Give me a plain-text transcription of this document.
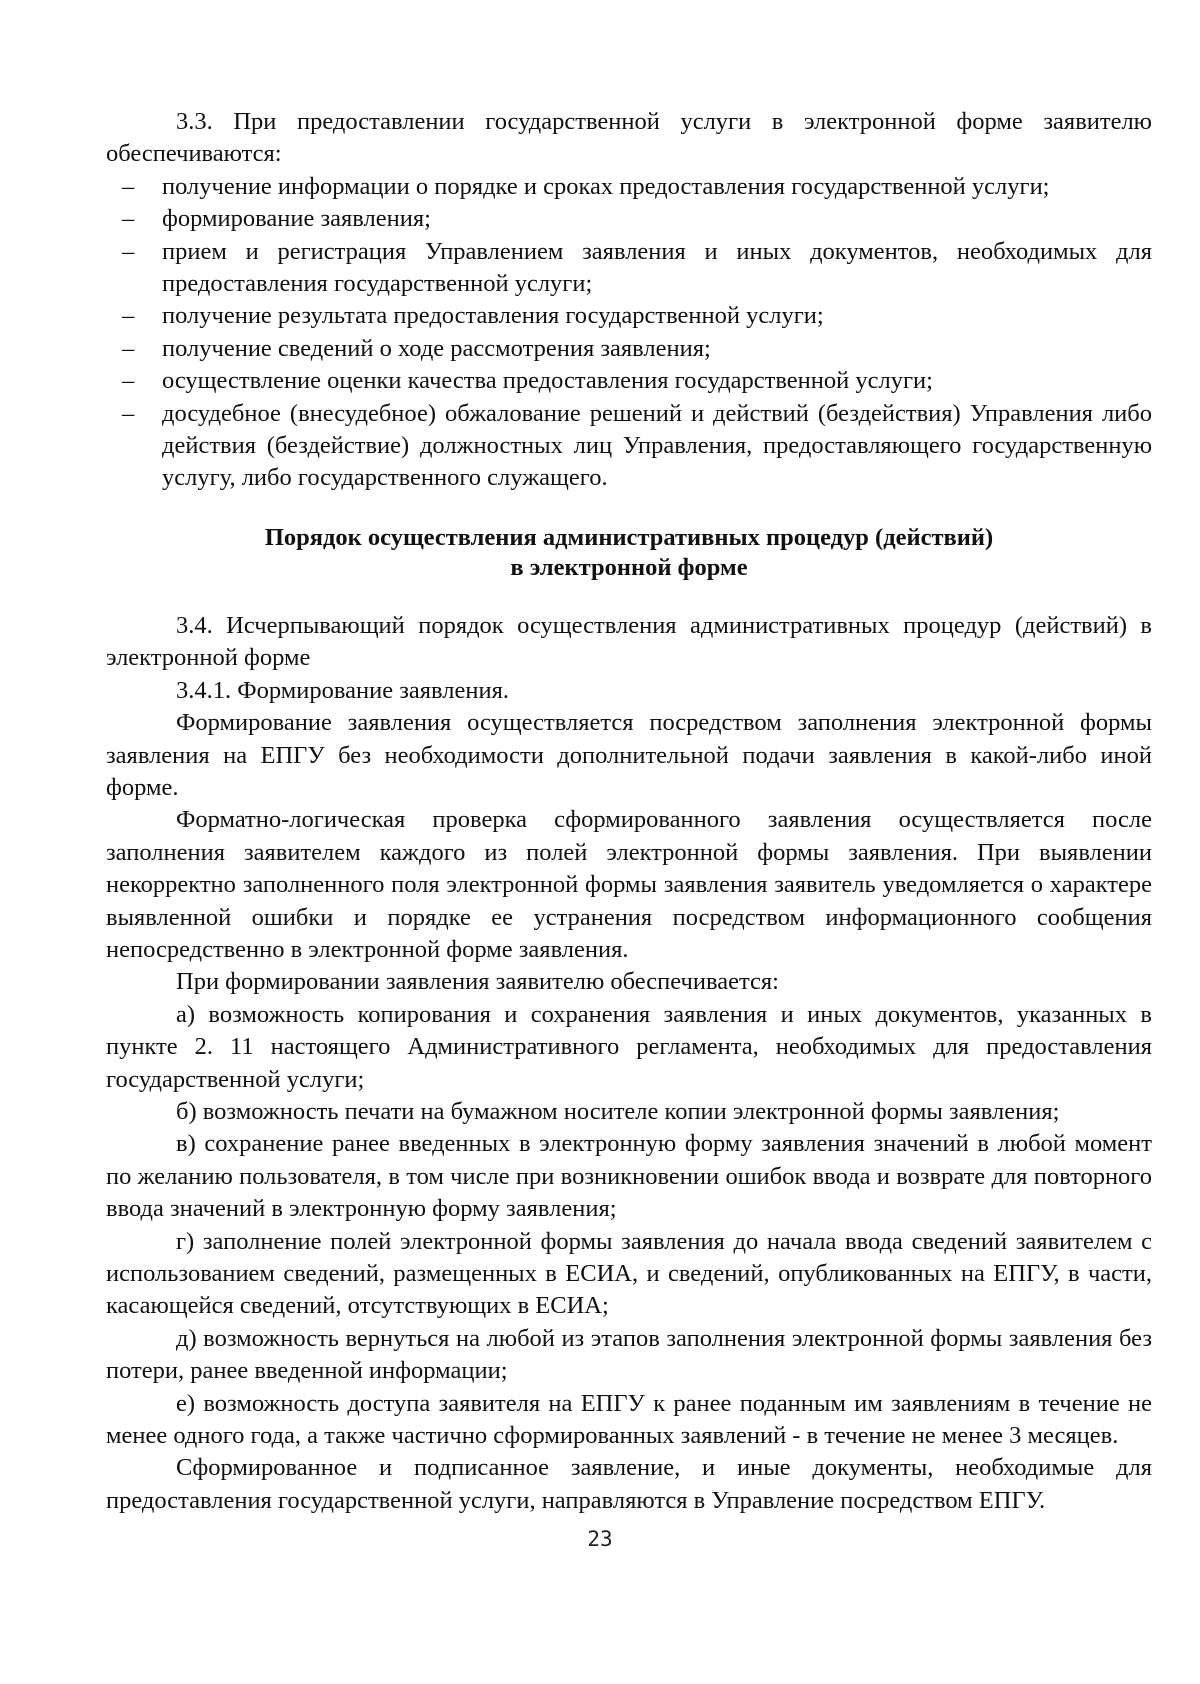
3.3. При предоставлении государственной услуги в электронной форме заявителю обеспечиваются:

– получение информации о порядке и сроках предоставления государственной услуги;
– формирование заявления;
– прием и регистрация Управлением заявления и иных документов, необходимых для предоставления государственной услуги;
– получение результата предоставления государственной услуги;
– получение сведений о ходе рассмотрения заявления;
– осуществление оценки качества предоставления государственной услуги;
– досудебное (внесудебное) обжалование решений и действий (бездействия) Управления либо действия (бездействие) должностных лиц Управления, предоставляющего государственную услугу, либо государственного служащего.
Порядок осуществления административных процедур (действий)
в электронной форме

3.4. Исчерпывающий порядок осуществления административных процедур (действий) в электронной форме

3.4.1. Формирование заявления.

Формирование заявления осуществляется посредством заполнения электронной формы заявления на ЕПГУ без необходимости дополнительной подачи заявления в какой-либо иной форме.

Форматно-логическая проверка сформированного заявления осуществляется после заполнения заявителем каждого из полей электронной формы заявления. При выявлении некорректно заполненного поля электронной формы заявления заявитель уведомляется о характере выявленной ошибки и порядке ее устранения посредством информационного сообщения непосредственно в электронной форме заявления.

При формировании заявления заявителю обеспечивается:

а) возможность копирования и сохранения заявления и иных документов, указанных в пункте 2. 11 настоящего Административного регламента, необходимых для предоставления государственной услуги;

б) возможность печати на бумажном носителе копии электронной формы заявления;

в) сохранение ранее введенных в электронную форму заявления значений в любой момент по желанию пользователя, в том числе при возникновении ошибок ввода и возврате для повторного ввода значений в электронную форму заявления;

г) заполнение полей электронной формы заявления до начала ввода сведений заявителем с использованием сведений, размещенных в ЕСИА, и сведений, опубликованных на ЕПГУ, в части, касающейся сведений, отсутствующих в ЕСИА;

д) возможность вернуться на любой из этапов заполнения электронной формы заявления без потери, ранее введенной информации;

е) возможность доступа заявителя на ЕПГУ к ранее поданным им заявлениям в течение не менее одного года, а также частично сформированных заявлений - в течение не менее 3 месяцев.

Сформированное и подписанное заявление, и иные документы, необходимые для предоставления государственной услуги, направляются в Управление посредством ЕПГУ.

23
